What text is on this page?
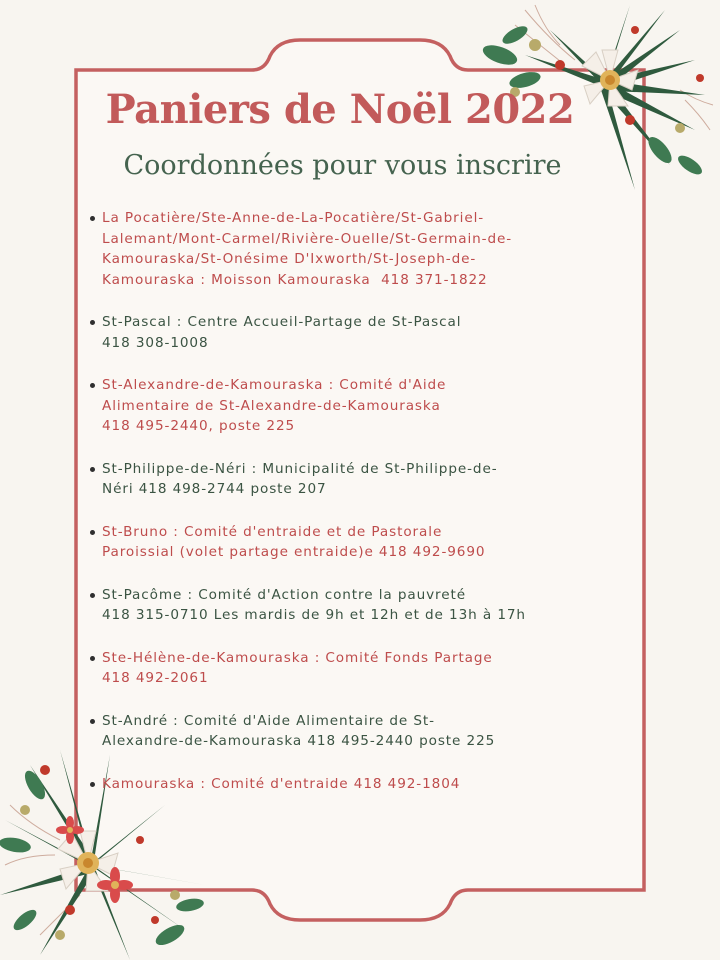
Paniers de Noël 2022
Coordonnées pour vous inscrire
La Pocatière/Ste-Anne-de-La-Pocatière/St-Gabriel-
Lalemant/Mont-Carmel/Rivière-Ouelle/St-Germain-de-
Kamouraska/St-Onésime D'Ixworth/St-Joseph-de-
Kamouraska : Moisson Kamouraska  418 371-1822
St-Pascal : Centre Accueil-Partage de St-Pascal
418 308-1008
St-Alexandre-de-Kamouraska : Comité d'Aide
Alimentaire de St-Alexandre-de-Kamouraska
418 495-2440, poste 225
St-Philippe-de-Néri : Municipalité de St-Philippe-de-
Néri 418 498-2744 poste 207
St-Bruno : Comité d'entraide et de Pastorale
Paroissial (volet partage entraide)e 418 492-9690
St-Pacôme : Comité d'Action contre la pauvreté
418 315-0710 Les mardis de 9h et 12h et de 13h à 17h
Ste-Hélène-de-Kamouraska : Comité Fonds Partage
418 492-2061
St-André : Comité d'Aide Alimentaire de St-
Alexandre-de-Kamouraska 418 495-2440 poste 225
Kamouraska : Comité d'entraide 418 492-1804
